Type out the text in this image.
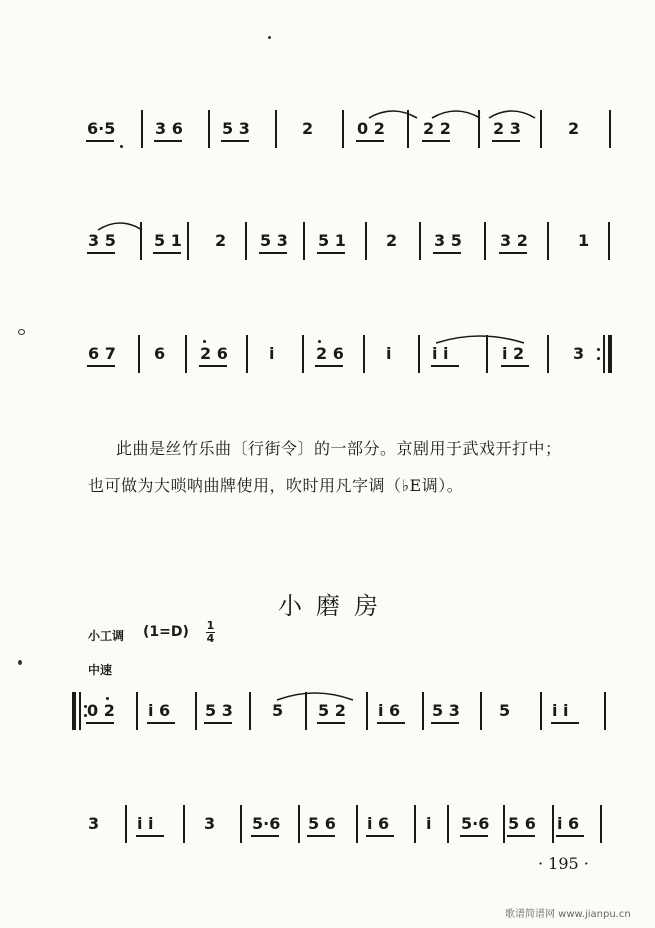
6·5 3 6 5 3	2	0 2 2 2	2 3	2
3 5 5 1 2 5 3 5 1	2 3 5 3 2	1
6 7 6 2 6	i	2 6	i	i i	i 2	3
此曲是丝竹乐曲〔行街令〕的一部分。京剧用于武戏开打中；
也可做为大唢呐曲牌使用，吹时用凡字调（♭E调）。
小磨房
小工调 (1=D) 1
4
中速
0 2 i 6 5 3 5 5 2 i 6 5 3 5	i i
3 i i	3 5·6 5 6 i 6 i 5·6 5 6 i 6
· 195 ·
歌谱简谱网 www.jianpu.cn
